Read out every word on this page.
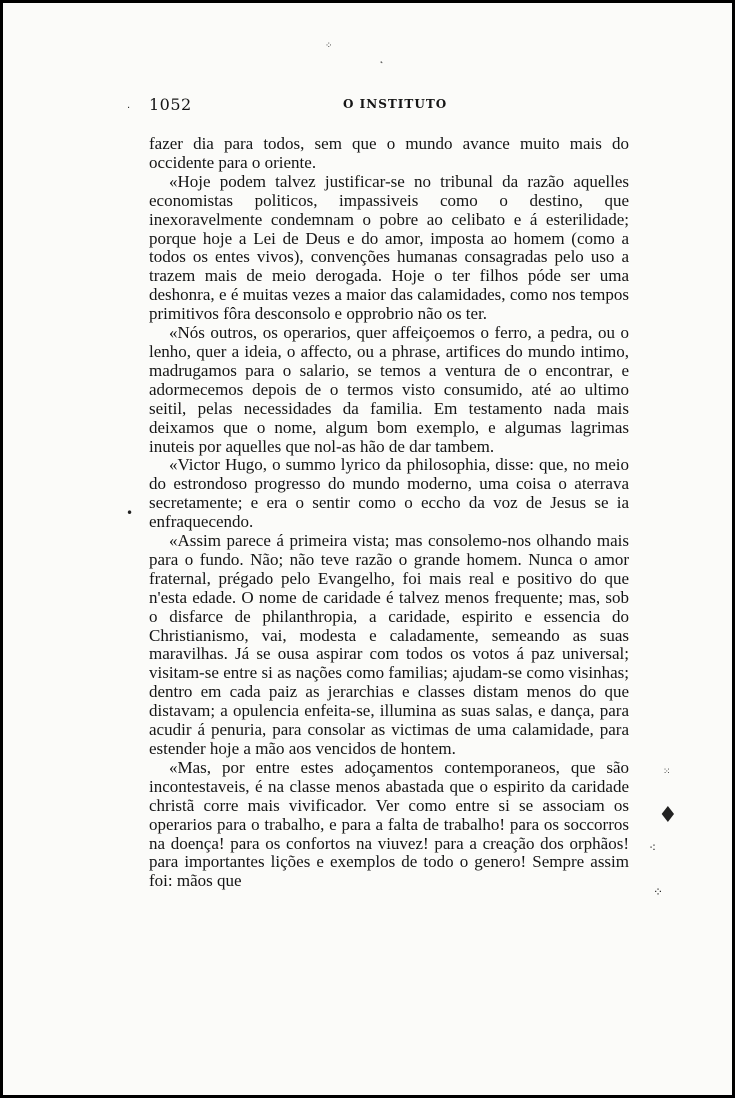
⁘
˛
·
•
⁙
♦
⁖
⁘
1052	O INSTITUTO

fazer dia para todos, sem que o mundo avance muito mais do occidente para o oriente.

«Hoje podem talvez justificar-se no tribunal da razão aquelles economistas politicos, impassiveis como o destino, que inexoravelmente condemnam o pobre ao celibato e á esterilidade; porque hoje a Lei de Deus e do amor, imposta ao homem (como a todos os entes vivos), convenções humanas consagradas pelo uso a trazem mais de meio derogada. Hoje o ter filhos póde ser uma deshonra, e é muitas vezes a maior das calamidades, como nos tempos primitivos fôra desconsolo e opprobrio não os ter.

«Nós outros, os operarios, quer affeiçoemos o ferro, a pedra, ou o lenho, quer a ideia, o affecto, ou a phrase, artifices do mundo intimo, madrugamos para o salario, se temos a ventura de o encontrar, e adormecemos depois de o termos visto consumido, até ao ultimo seitil, pelas necessidades da familia. Em testamento nada mais deixamos que o nome, algum bom exemplo, e algumas lagrimas inuteis por aquelles que nol-as hão de dar tambem.

«Victor Hugo, o summo lyrico da philosophia, disse: que, no meio do estrondoso progresso do mundo moderno, uma coisa o aterrava secretamente; e era o sentir como o eccho da voz de Jesus se ia enfraquecendo.

«Assim parece á primeira vista; mas consolemo-nos olhando mais para o fundo. Não; não teve razão o grande homem. Nunca o amor fraternal, prégado pelo Evangelho, foi mais real e positivo do que n'esta edade. O nome de caridade é talvez menos frequente; mas, sob o disfarce de philanthropia, a caridade, espirito e essencia do Christianismo, vai, modesta e caladamente, semeando as suas maravilhas. Já se ousa aspirar com todos os votos á paz universal; visitam-se entre si as nações como familias; ajudam-se como visinhas; dentro em cada paiz as jerarchias e classes distam menos do que distavam; a opulencia enfeita-se, illumina as suas salas, e dança, para acudir á penuria, para consolar as victimas de uma calamidade, para estender hoje a mão aos vencidos de hontem.

«Mas, por entre estes adoçamentos contemporaneos, que são incontestaveis, é na classe menos abastada que o espirito da caridade christã corre mais vivificador. Ver como entre si se associam os operarios para o trabalho, e para a falta de trabalho! para os soccorros na doença! para os confortos na viuvez! para a creação dos orphãos! para importantes lições e exemplos de todo o genero! Sempre assim foi: mãos que
